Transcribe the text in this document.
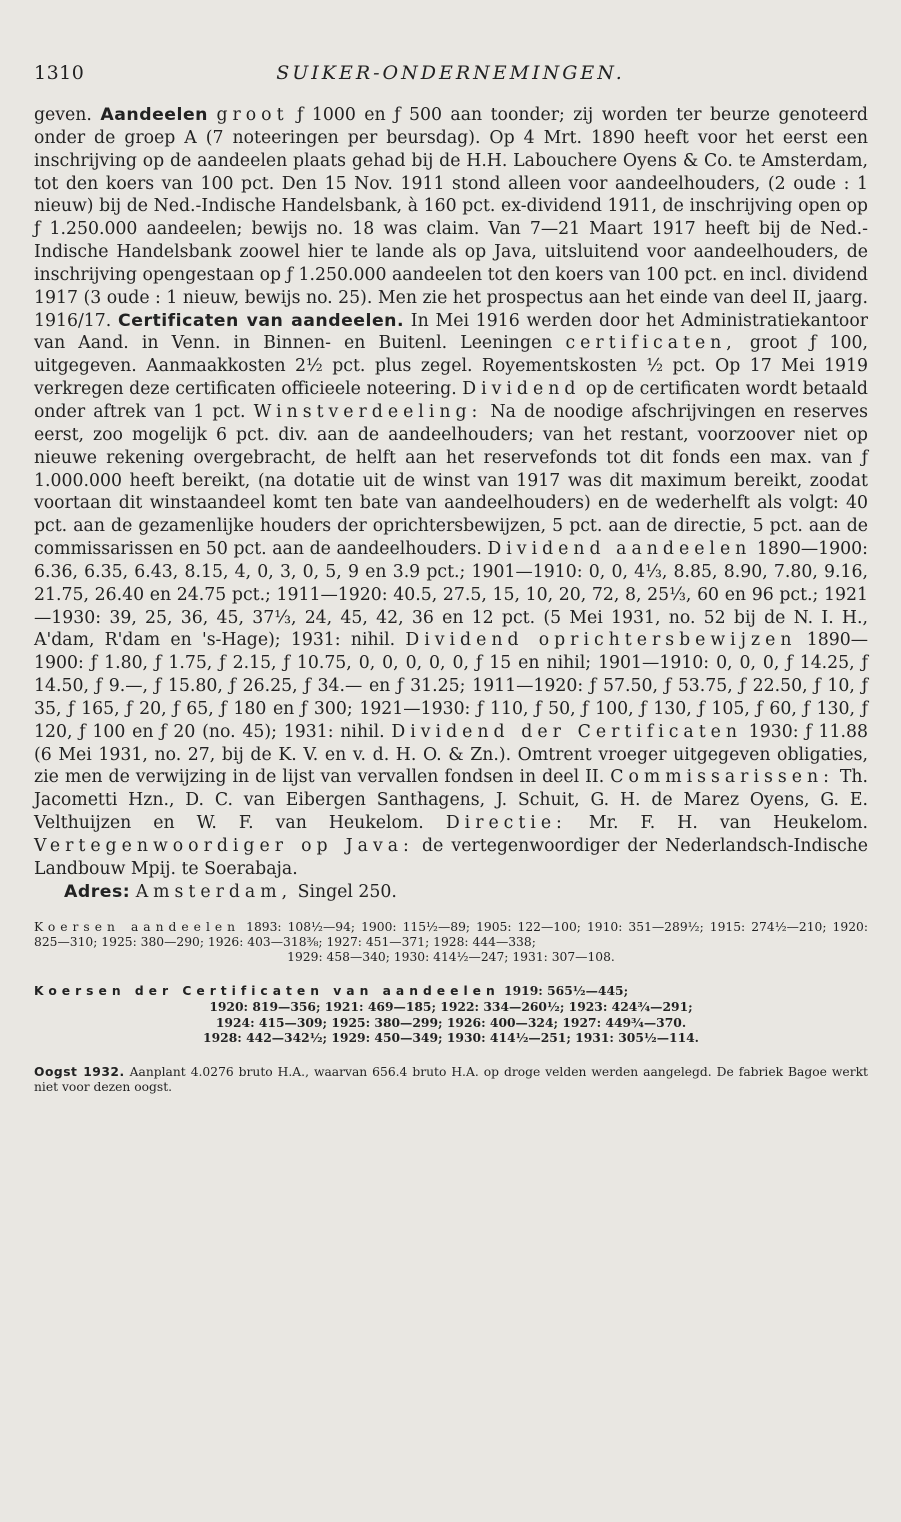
1310	SUIKER-ONDERNEMINGEN.

geven. Aandeelen groot ƒ 1000 en ƒ 500 aan toonder; zij worden ter beurze genoteerd onder de groep A (7 noteeringen per beursdag). Op 4 Mrt. 1890 heeft voor het eerst een inschrijving op de aandeelen plaats gehad bij de H.H. Labouchere Oyens & Co. te Amsterdam, tot den koers van 100 pct. Den 15 Nov. 1911 stond alleen voor aandeelhouders, (2 oude : 1 nieuw) bij de Ned.-Indische Handelsbank, à 160 pct. ex-dividend 1911, de inschrijving open op ƒ 1.250.000 aandeelen; bewijs no. 18 was claim. Van 7—21 Maart 1917 heeft bij de Ned.-Indische Handelsbank zoowel hier te lande als op Java, uitsluitend voor aandeelhouders, de inschrijving opengestaan op ƒ 1.250.000 aandeelen tot den koers van 100 pct. en incl. dividend 1917 (3 oude : 1 nieuw, bewijs no. 25). Men zie het prospectus aan het einde van deel II, jaarg. 1916/17. Certificaten van aandeelen. In Mei 1916 werden door het Administratiekantoor van Aand. in Venn. in Binnen- en Buitenl. Leeningen certificaten, groot ƒ 100, uitgegeven. Aanmaakkosten 2½ pct. plus zegel. Royementskosten ½ pct. Op 17 Mei 1919 verkregen deze certificaten officieele noteering. Dividend op de certificaten wordt betaald onder aftrek van 1 pct. Winstverdeeling: Na de noodige afschrijvingen en reserves eerst, zoo mogelijk 6 pct. div. aan de aandeelhouders; van het restant, voorzoover niet op nieuwe rekening overgebracht, de helft aan het reservefonds tot dit fonds een max. van ƒ 1.000.000 heeft bereikt, (na dotatie uit de winst van 1917 was dit maximum bereikt, zoodat voortaan dit winstaandeel komt ten bate van aandeelhouders) en de wederhelft als volgt: 40 pct. aan de gezamenlijke houders der oprichtersbewijzen, 5 pct. aan de directie, 5 pct. aan de commissarissen en 50 pct. aan de aandeelhouders. Dividend aandeelen 1890—1900: 6.36, 6.35, 6.43, 8.15, 4, 0, 3, 0, 5, 9 en 3.9 pct.; 1901—1910: 0, 0, 4⅓, 8.85, 8.90, 7.80, 9.16, 21.75, 26.40 en 24.75 pct.; 1911—1920: 40.5, 27.5, 15, 10, 20, 72, 8, 25⅓, 60 en 96 pct.; 1921—1930: 39, 25, 36, 45, 37⅓, 24, 45, 42, 36 en 12 pct. (5 Mei 1931, no. 52 bij de N. I. H., A'dam, R'dam en 's-Hage); 1931: nihil. Dividend oprichtersbewijzen 1890—1900: ƒ 1.80, ƒ 1.75, ƒ 2.15, ƒ 10.75, 0, 0, 0, 0, 0, ƒ 15 en nihil; 1901—1910: 0, 0, 0, ƒ 14.25, ƒ 14.50, ƒ 9.—, ƒ 15.80, ƒ 26.25, ƒ 34.— en ƒ 31.25; 1911—1920: ƒ 57.50, ƒ 53.75, ƒ 22.50, ƒ 10, ƒ 35, ƒ 165, ƒ 20, ƒ 65, ƒ 180 en ƒ 300; 1921—1930: ƒ 110, ƒ 50, ƒ 100, ƒ 130, ƒ 105, ƒ 60, ƒ 130, ƒ 120, ƒ 100 en ƒ 20 (no. 45); 1931: nihil. Dividend der Certificaten 1930: ƒ 11.88 (6 Mei 1931, no. 27, bij de K. V. en v. d. H. O. & Zn.). Omtrent vroeger uitgegeven obligaties, zie men de verwijzing in de lijst van vervallen fondsen in deel II. Commissarissen: Th. Jacometti Hzn., D. C. van Eibergen Santhagens, J. Schuit, G. H. de Marez Oyens, G. E. Velthuijzen en W. F. van Heukelom. Directie: Mr. F. H. van Heukelom. Vertegenwoordiger op Java: de vertegenwoordiger der Nederlandsch-Indische Landbouw Mpij. te Soerabaja.

Adres: Amsterdam, Singel 250.

Koersen aandeelen 1893: 108½—94; 1900: 115½—89; 1905: 122—100; 1910: 351—289½; 1915: 274½—210; 1920: 825—310; 1925: 380—290; 1926: 403—318⅜; 1927: 451—371; 1928: 444—338;
1929: 458—340; 1930: 414½—247; 1931: 307—108.
Koersen der Certificaten van aandeelen 1919: 565½—445;
1920: 819—356; 1921: 469—185; 1922: 334—260½; 1923: 424¾—291;
1924: 415—309; 1925: 380—299; 1926: 400—324; 1927: 449¾—370.
1928: 442—342½; 1929: 450—349; 1930: 414½—251; 1931: 305½—114.
Oogst 1932. Aanplant 4.0276 bruto H.A., waarvan 656.4 bruto H.A. op droge velden werden aangelegd. De fabriek Bagoe werkt niet voor dezen oogst.
